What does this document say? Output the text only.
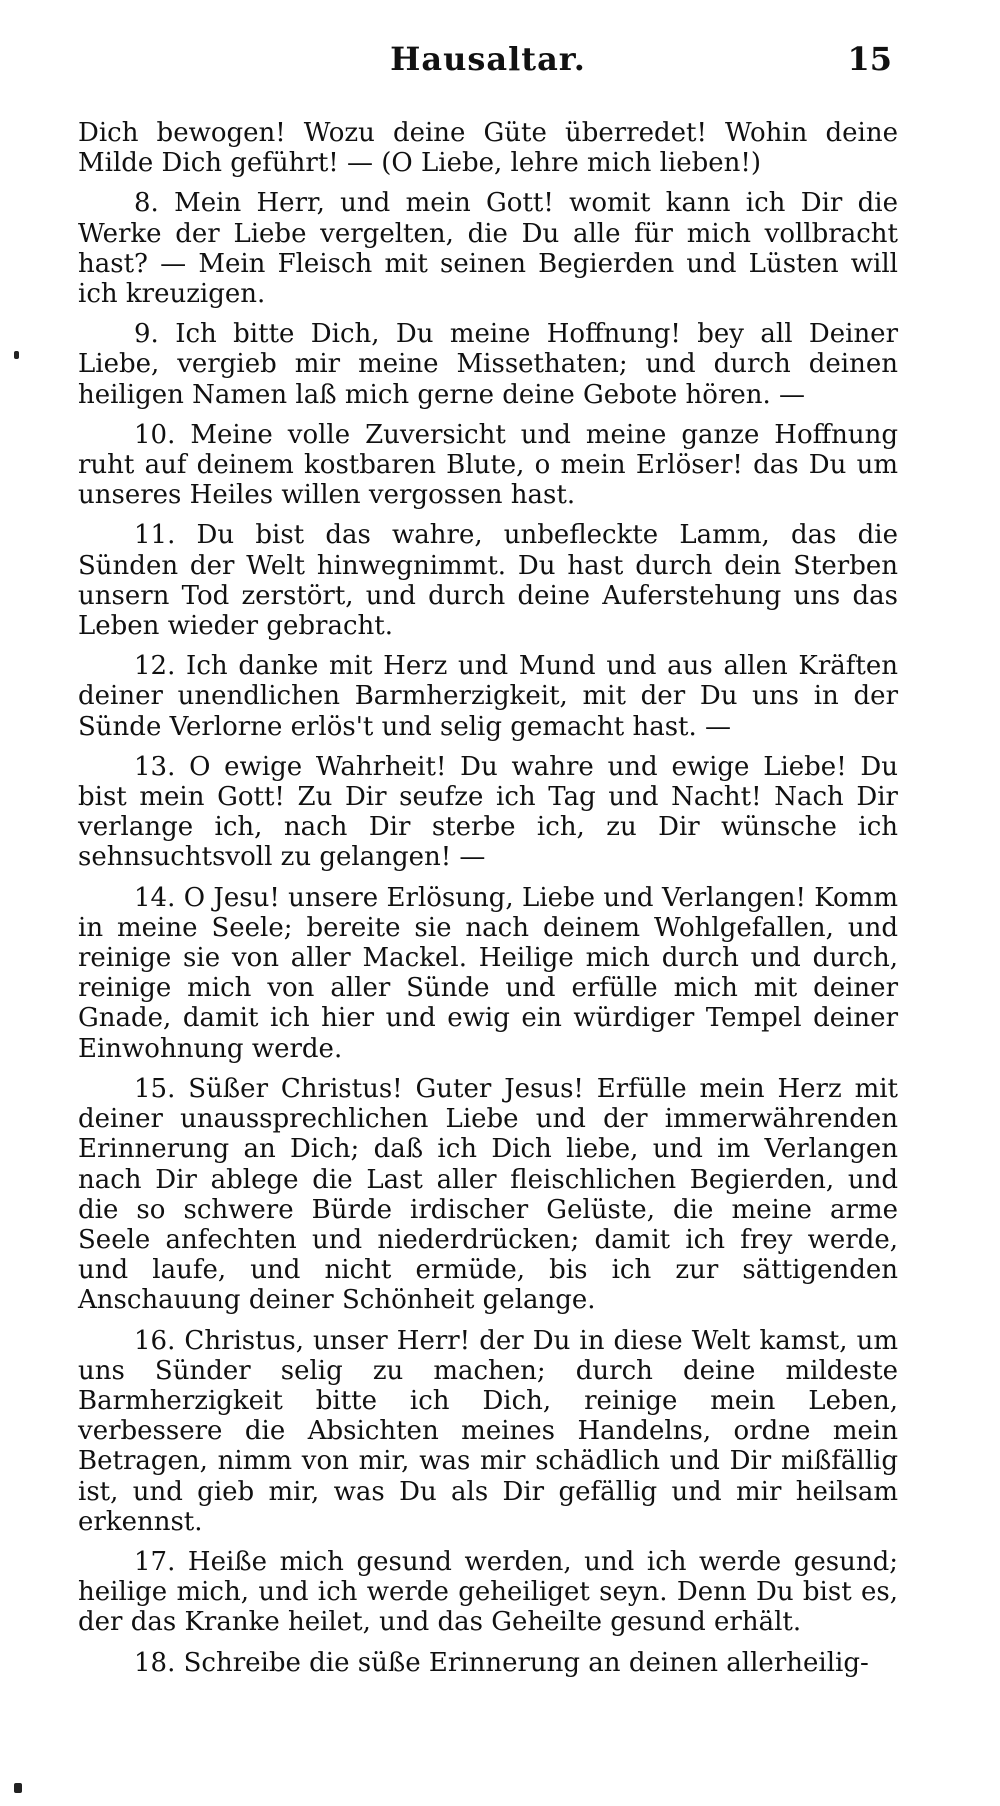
Hausaltar.	15

Dich bewogen! Wozu deine Güte überredet! Wohin deine Milde Dich geführt! — (O Liebe, lehre mich lieben!)

8. Mein Herr, und mein Gott! womit kann ich Dir die Werke der Liebe vergelten, die Du alle für mich vollbracht hast? — Mein Fleisch mit seinen Begierden und Lüsten will ich kreuzigen.

9. Ich bitte Dich, Du meine Hoffnung! bey all Deiner Liebe, vergieb mir meine Missethaten; und durch deinen heiligen Namen laß mich gerne deine Gebote hören. —

10. Meine volle Zuversicht und meine ganze Hoffnung ruht auf deinem kostbaren Blute, o mein Erlöser! das Du um unseres Heiles willen vergossen hast.

11. Du bist das wahre, unbefleckte Lamm, das die Sünden der Welt hinwegnimmt. Du hast durch dein Sterben unsern Tod zerstört, und durch deine Auferstehung uns das Leben wieder gebracht.

12. Ich danke mit Herz und Mund und aus allen Kräften deiner unendlichen Barmherzigkeit, mit der Du uns in der Sünde Verlorne erlös't und selig gemacht hast. —

13. O ewige Wahrheit! Du wahre und ewige Liebe! Du bist mein Gott! Zu Dir seufze ich Tag und Nacht! Nach Dir verlange ich, nach Dir sterbe ich, zu Dir wünsche ich sehnsuchtsvoll zu gelangen! —

14. O Jesu! unsere Erlösung, Liebe und Verlangen! Komm in meine Seele; bereite sie nach deinem Wohlgefallen, und reinige sie von aller Mackel. Heilige mich durch und durch, reinige mich von aller Sünde und erfülle mich mit deiner Gnade, damit ich hier und ewig ein würdiger Tempel deiner Einwohnung werde.

15. Süßer Christus! Guter Jesus! Erfülle mein Herz mit deiner unaussprechlichen Liebe und der immerwährenden Erinnerung an Dich; daß ich Dich liebe, und im Verlangen nach Dir ablege die Last aller fleischlichen Begierden, und die so schwere Bürde irdischer Gelüste, die meine arme Seele anfechten und niederdrücken; damit ich frey werde, und laufe, und nicht ermüde, bis ich zur sättigenden Anschauung deiner Schönheit gelange.

16. Christus, unser Herr! der Du in diese Welt kamst, um uns Sünder selig zu machen; durch deine mildeste Barmherzigkeit bitte ich Dich, reinige mein Leben, verbessere die Absichten meines Handelns, ordne mein Betragen, nimm von mir, was mir schädlich und Dir mißfällig ist, und gieb mir, was Du als Dir gefällig und mir heilsam erkennst.

17. Heiße mich gesund werden, und ich werde gesund; heilige mich, und ich werde geheiliget seyn. Denn Du bist es, der das Kranke heilet, und das Geheilte gesund erhält.

18. Schreibe die süße Erinnerung an deinen allerheilig-
